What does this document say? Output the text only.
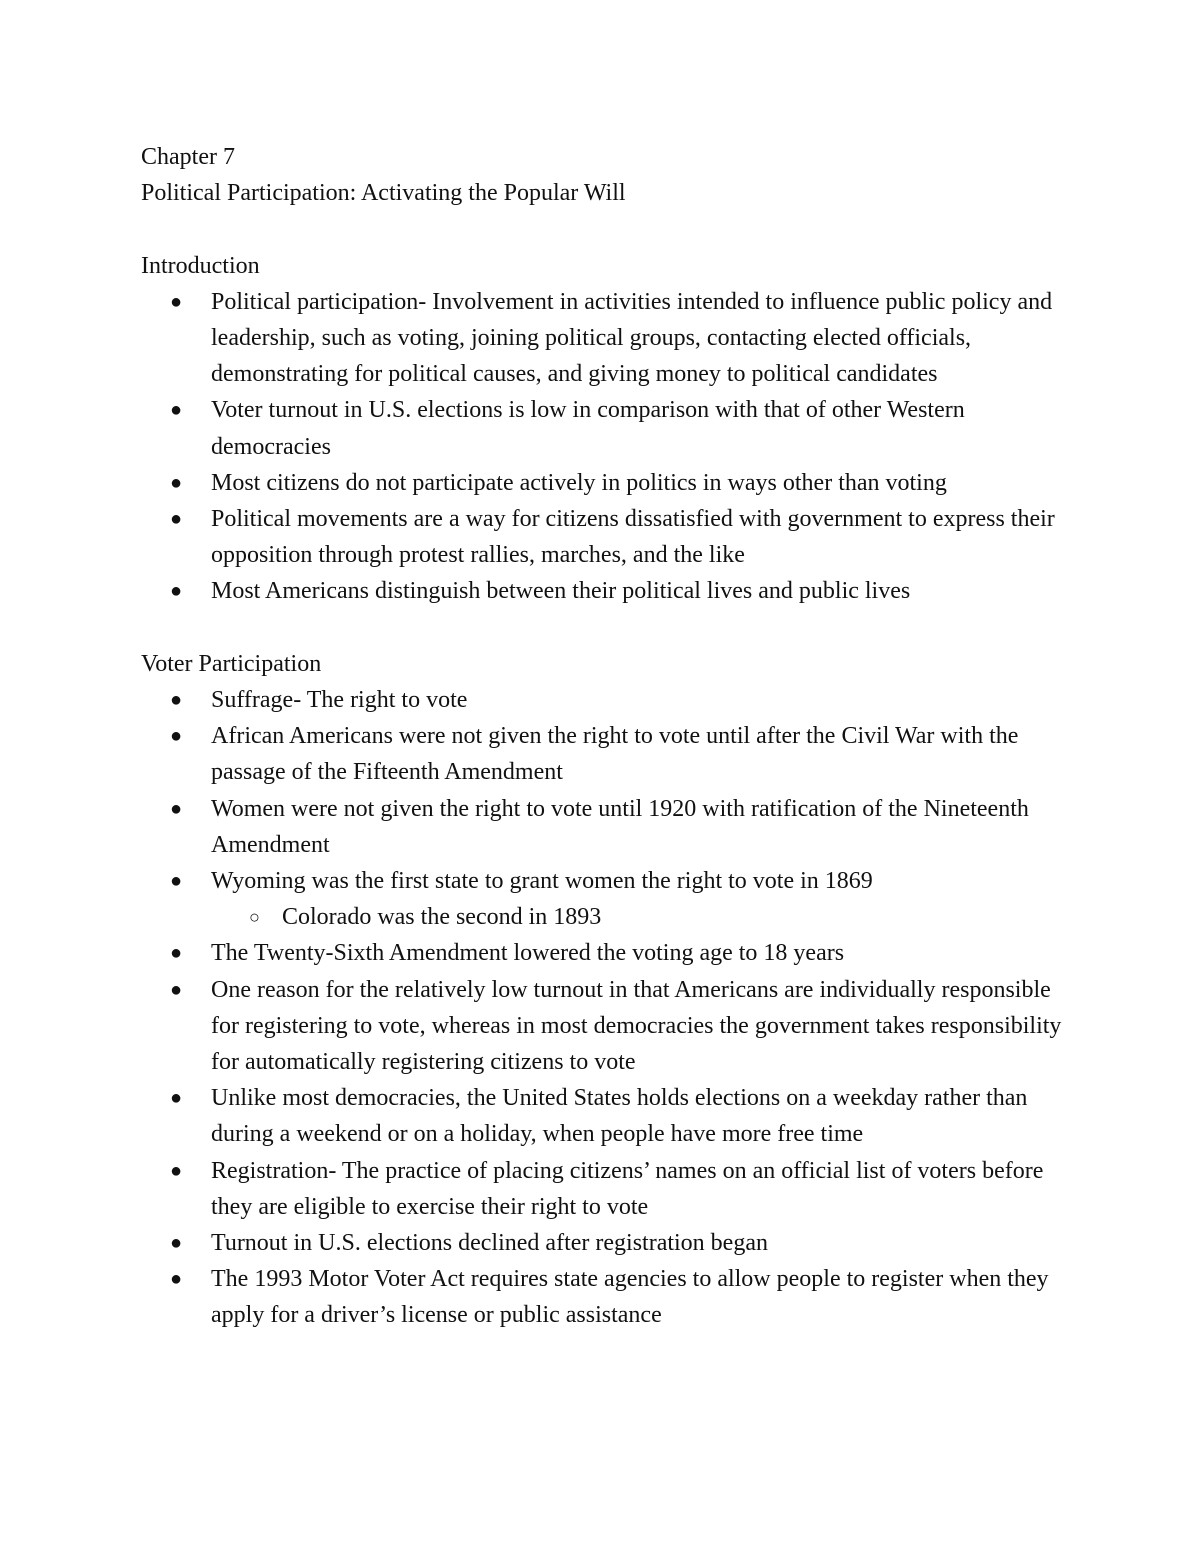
Chapter 7

Political Participation: Activating the Popular Will

Introduction

● Political participation- Involvement in activities intended to influence public policy and leadership, such as voting, joining political groups, contacting elected officials, demonstrating for political causes, and giving money to political candidates
● Voter turnout in U.S. elections is low in comparison with that of other Western democracies
● Most citizens do not participate actively in politics in ways other than voting
● Political movements are a way for citizens dissatisfied with government to express their opposition through protest rallies, marches, and the like
● Most Americans distinguish between their political lives and public lives

Voter Participation

● Suffrage- The right to vote
● African Americans were not given the right to vote until after the Civil War with the passage of the Fifteenth Amendment
● Women were not given the right to vote until 1920 with ratification of the Nineteenth Amendment
● Wyoming was the first state to grant women the right to vote in 1869
○ Colorado was the second in 1893
● The Twenty-Sixth Amendment lowered the voting age to 18 years
● One reason for the relatively low turnout in that Americans are individually responsible for registering to vote, whereas in most democracies the government takes responsibility for automatically registering citizens to vote
● Unlike most democracies, the United States holds elections on a weekday rather than during a weekend or on a holiday, when people have more free time
● Registration- The practice of placing citizens’ names on an official list of voters before they are eligible to exercise their right to vote
● Turnout in U.S. elections declined after registration began
● The 1993 Motor Voter Act requires state agencies to allow people to register when they apply for a driver’s license or public assistance
